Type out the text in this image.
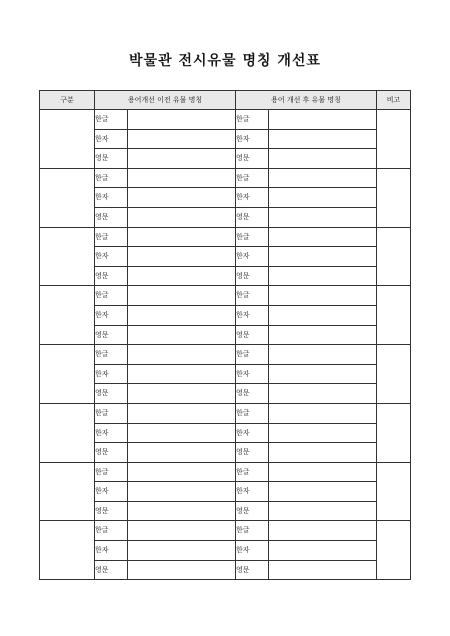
박물관 전시유물 명칭 개선표
구분	용어개선 이전 유물 명칭		용어 개선 후 유물 명칭		비고
	한글		한글		
	한자		한자		
	영문		영문		
	한글		한글		
	한자		한자		
	영문		영문		
	한글		한글		
	한자		한자		
	영문		영문		
	한글		한글		
	한자		한자		
	영문		영문		
	한글		한글		
	한자		한자		
	영문		영문		
	한글		한글		
	한자		한자		
	영문		영문		
	한글		한글		
	한자		한자		
	영문		영문		
	한글		한글		
	한자		한자		
	영문		영문		
